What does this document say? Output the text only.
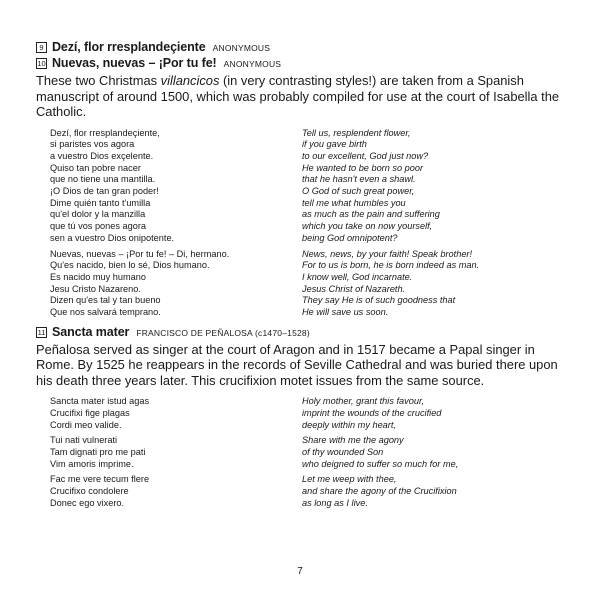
9 Dezí, flor rresplandeçiente ANONYMOUS
10 Nuevas, nuevas – ¡Por tu fe! ANONYMOUS
These two Christmas villancicos (in very contrasting styles!) are taken from a Spanish manuscript of around 1500, which was probably compiled for use at the court of Isabella the Catholic.
Dezí, flor rresplandeçiente,
si paristes vos agora
a vuestro Dios exçelente.
Quiso tan pobre nacer
que no tiene una mantilla.
¡O Dios de tan gran poder!
Dime quién tanto t'umilla
qu'el dolor y la manzilla
que tú vos pones agora
sen a vuestro Dios onipotente.
Tell us, resplendent flower,
if you gave birth
to our excellent, God just now?
He wanted to be born so poor
that he hasn't even a shawl.
O God of such great power,
tell me what humbles you
as much as the pain and suffering
which you take on now yourself,
being God omnipotent?
Nuevas, nuevas – ¡Por tu fe! – Di, hermano.
Qu'es nacido, bien lo sé, Dios humano.
Es nacido muy humano
Jesu Cristo Nazareno.
Dizen qu'es tal y tan bueno
Que nos salvará temprano.
News, news, by your faith! Speak brother!
For to us is born, he is born indeed as man.
I know well, God incarnate.
Jesus Christ of Nazareth.
They say He is of such goodness that
He will save us soon.
11 Sancta mater FRANCISCO DE PEÑALOSA (c1470–1528)
Peñalosa served as singer at the court of Aragon and in 1517 became a Papal singer in Rome. By 1525 he reappears in the records of Seville Cathedral and was buried there upon his death three years later. This crucifixion motet issues from the same source.
Sancta mater istud agas
Crucifixi fige plagas
Cordi meo valide.
Holy mother, grant this favour,
imprint the wounds of the crucified
deeply within my heart,
Tui nati vulnerati
Tam dignati pro me pati
Vim amoris imprime.
Share with me the agony
of thy wounded Son
who deigned to suffer so much for me,
Fac me vere tecum flere
Crucifixo condolere
Donec ego vixero.
Let me weep with thee,
and share the agony of the Crucifixion
as long as I live.
7
